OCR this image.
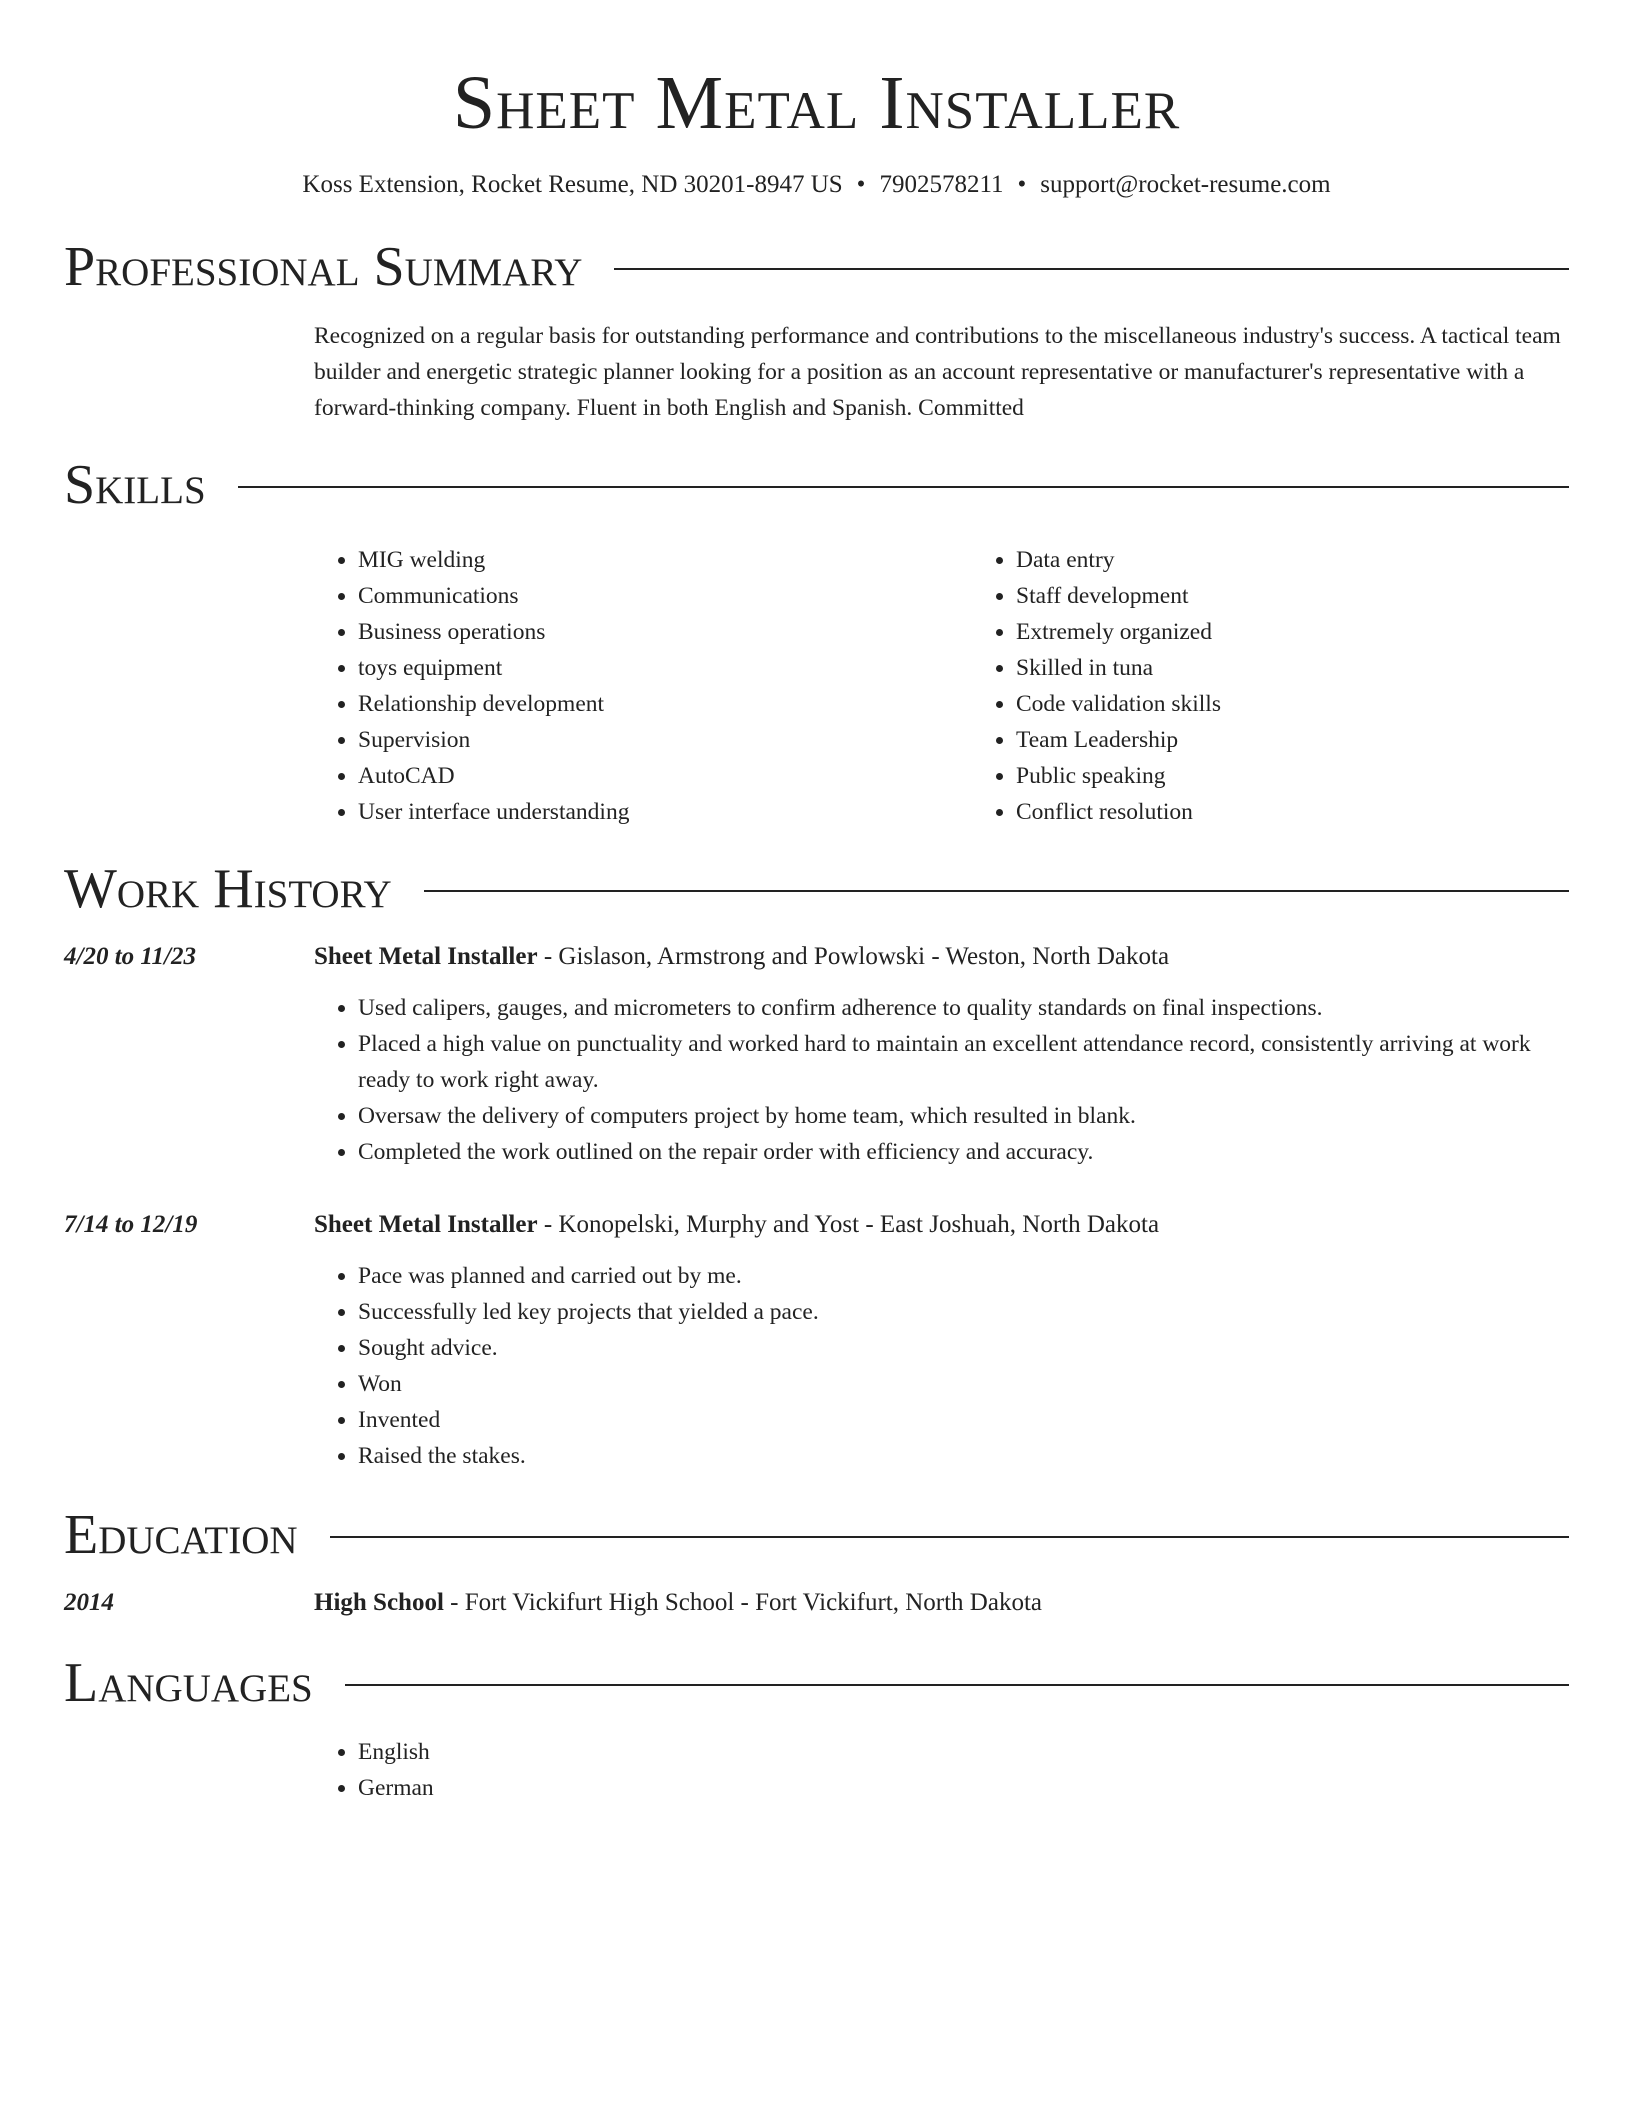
Sheet Metal Installer
Koss Extension, Rocket Resume, ND 30201-8947 US • 7902578211 • support@rocket-resume.com
Professional Summary
Recognized on a regular basis for outstanding performance and contributions to the miscellaneous industry's success. A tactical team builder and energetic strategic planner looking for a position as an account representative or manufacturer's representative with a forward-thinking company. Fluent in both English and Spanish. Committed
Skills
• MIG welding
• Communications
• Business operations
• toys equipment
• Relationship development
• Supervision
• AutoCAD
• User interface understanding
• Data entry
• Staff development
• Extremely organized
• Skilled in tuna
• Code validation skills
• Team Leadership
• Public speaking
• Conflict resolution
Work History
4/20 to 11/23	Sheet Metal Installer - Gislason, Armstrong and Powlowski - Weston, North Dakota
• Used calipers, gauges, and micrometers to confirm adherence to quality standards on final inspections.
• Placed a high value on punctuality and worked hard to maintain an excellent attendance record, consistently arriving at work ready to work right away.
• Oversaw the delivery of computers project by home team, which resulted in blank.
• Completed the work outlined on the repair order with efficiency and accuracy.
7/14 to 12/19	Sheet Metal Installer - Konopelski, Murphy and Yost - East Joshuah, North Dakota
• Pace was planned and carried out by me.
• Successfully led key projects that yielded a pace.
• Sought advice.
• Won
• Invented
• Raised the stakes.
Education
2014	High School - Fort Vickifurt High School - Fort Vickifurt, North Dakota
Languages
• English
• German
